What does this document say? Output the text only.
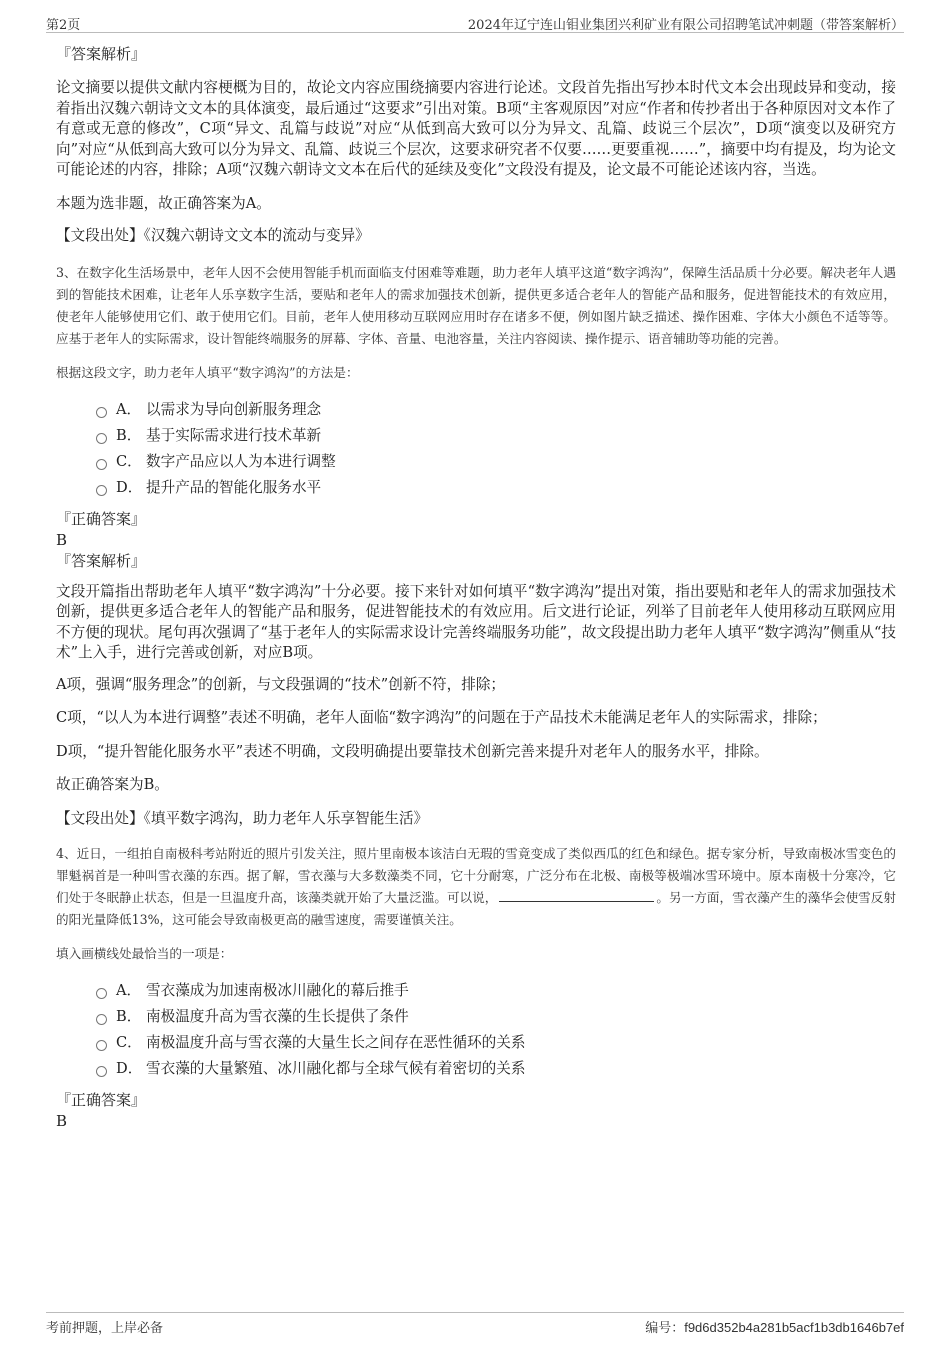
第2页	2024年辽宁连山钼业集团兴利矿业有限公司招聘笔试冲刺题（带答案解析）

『答案解析』

论文摘要以提供文献内容梗概为目的，故论文内容应围绕摘要内容进行论述。文段首先指出写抄本时代文本会出现歧异和变动，接着指出汉魏六朝诗文文本的具体演变，最后通过“这要求”引出对策。B项“主客观原因”对应“作者和传抄者出于各种原因对文本作了有意或无意的修改”，C项“异文、乱篇与歧说”对应“从低到高大致可以分为异文、乱篇、歧说三个层次”，D项“演变以及研究方向”对应“从低到高大致可以分为异文、乱篇、歧说三个层次，这要求研究者不仅要……更要重视……”，摘要中均有提及，均为论文可能论述的内容，排除；A项“汉魏六朝诗文文本在后代的延续及变化”文段没有提及，论文最不可能论述该内容，当选。

本题为选非题，故正确答案为A。

【文段出处】《汉魏六朝诗文文本的流动与变异》

3、在数字化生活场景中，老年人因不会使用智能手机而面临支付困难等难题，助力老年人填平这道“数字鸿沟”，保障生活品质十分必要。解决老年人遇到的智能技术困难，让老年人乐享数字生活，要贴和老年人的需求加强技术创新，提供更多适合老年人的智能产品和服务，促进智能技术的有效应用，使老年人能够使用它们、敢于使用它们。目前，老年人使用移动互联网应用时存在诸多不便，例如图片缺乏描述、操作困难、字体大小颜色不适等等。应基于老年人的实际需求，设计智能终端服务的屏幕、字体、音量、电池容量，关注内容阅读、操作提示、语音辅助等功能的完善。

根据这段文字，助力老年人填平“数字鸿沟”的方法是：

A． 以需求为导向创新服务理念
B． 基于实际需求进行技术革新
C． 数字产品应以人为本进行调整
D． 提升产品的智能化服务水平

『正确答案』

B

『答案解析』

文段开篇指出帮助老年人填平“数字鸿沟”十分必要。接下来针对如何填平“数字鸿沟”提出对策，指出要贴和老年人的需求加强技术创新，提供更多适合老年人的智能产品和服务，促进智能技术的有效应用。后文进行论证，列举了目前老年人使用移动互联网应用不方便的现状。尾句再次强调了“基于老年人的实际需求设计完善终端服务功能”，故文段提出助力老年人填平“数字鸿沟”侧重从“技术”上入手，进行完善或创新，对应B项。

A项，强调“服务理念”的创新，与文段强调的“技术”创新不符，排除；

C项，“以人为本进行调整”表述不明确，老年人面临“数字鸿沟”的问题在于产品技术未能满足老年人的实际需求，排除；

D项，“提升智能化服务水平”表述不明确，文段明确提出要靠技术创新完善来提升对老年人的服务水平，排除。

故正确答案为B。

【文段出处】《填平数字鸿沟，助力老年人乐享智能生活》

4、近日，一组拍自南极科考站附近的照片引发关注，照片里南极本该洁白无瑕的雪竟变成了类似西瓜的红色和绿色。据专家分析，导致南极冰雪变色的罪魁祸首是一种叫雪衣藻的东西。据了解，雪衣藻与大多数藻类不同，它十分耐寒，广泛分布在北极、南极等极端冰雪环境中。原本南极十分寒冷，它们处于冬眠静止状态，但是一旦温度升高，该藻类就开始了大量泛滥。可以说，	。另一方面，雪衣藻产生的藻华会使雪反射的阳光量降低13%，这可能会导致南极更高的融雪速度，需要谨慎关注。

填入画横线处最恰当的一项是：

A． 雪衣藻成为加速南极冰川融化的幕后推手
B． 南极温度升高为雪衣藻的生长提供了条件
C． 南极温度升高与雪衣藻的大量生长之间存在恶性循环的关系
D． 雪衣藻的大量繁殖、冰川融化都与全球气候有着密切的关系

『正确答案』

B

考前押题，上岸必备	编号：f9d6d352b4a281b5acf1b3db1646b7ef
